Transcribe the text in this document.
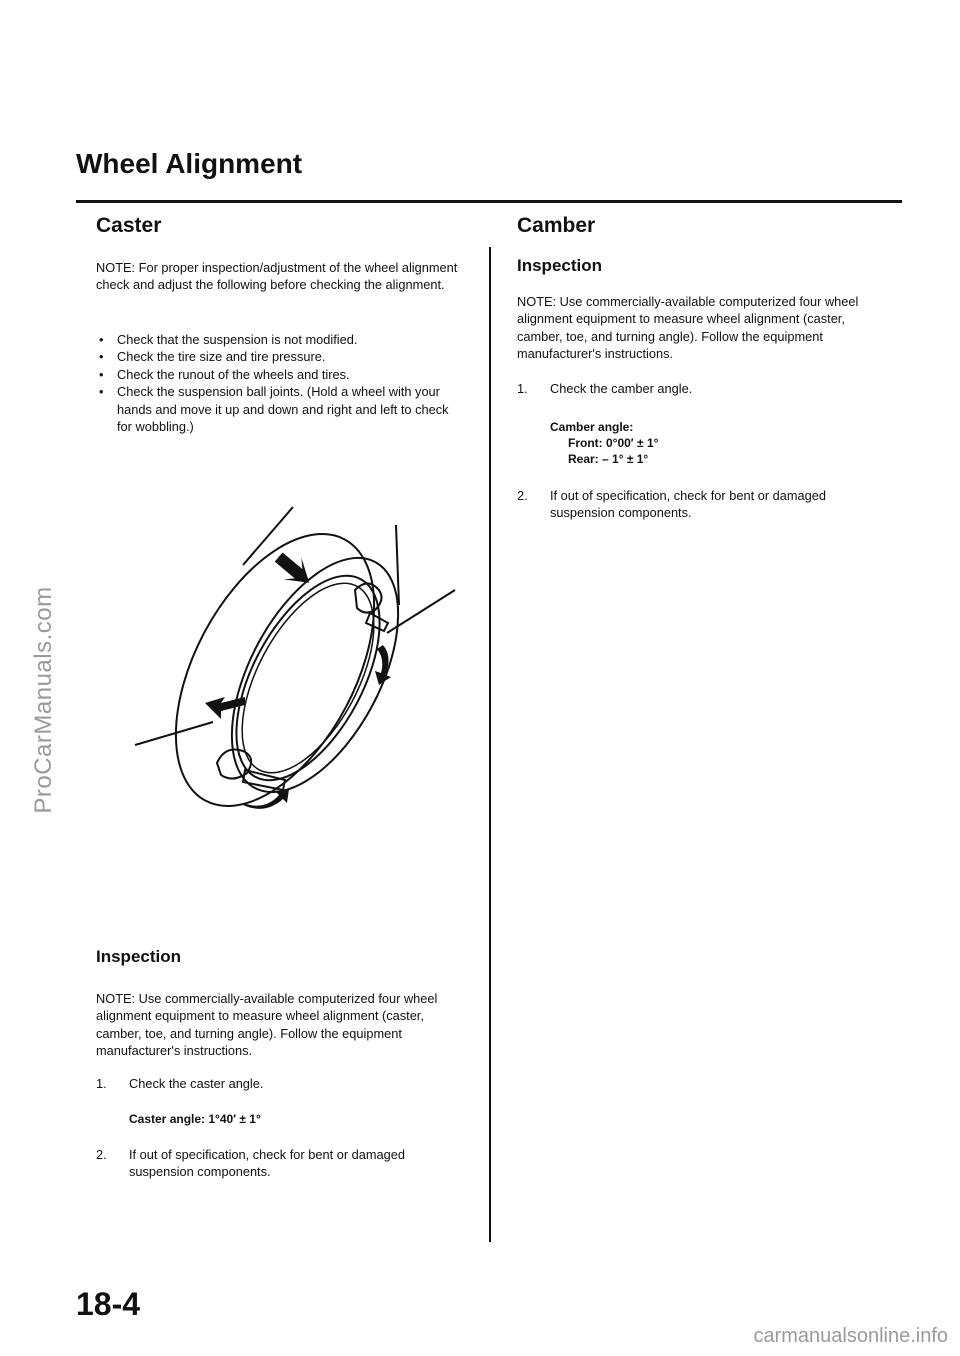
ProCarManuals.com
carmanualsonline.info
Wheel Alignment
Caster

NOTE: For proper inspection/adjustment of the wheel alignment check and adjust the following before checking the alignment.

• Check that the suspension is not modified.
• Check the tire size and tire pressure.
• Check the runout of the wheels and tires.
• Check the suspension ball joints. (Hold a wheel with your hands and move it up and down and right and left to check for wobbling.)
Inspection

NOTE: Use commercially-available computerized four wheel alignment equipment to measure wheel alignment (caster, camber, toe, and turning angle). Follow the equipment manufacturer's instructions.

1.	Check the caster angle.
Caster angle: 1°40′ ± 1°
2.	If out of specification, check for bent or damaged suspension components.
Camber
Inspection

NOTE: Use commercially-available computerized four wheel alignment equipment to measure wheel alignment (caster, camber, toe, and turning angle). Follow the equipment manufacturer's instructions.

1.	Check the camber angle.
Camber angle:
Front: 0°00′ ± 1°
Rear: – 1° ± 1°
2.	If out of specification, check for bent or damaged suspension components.
18-4
